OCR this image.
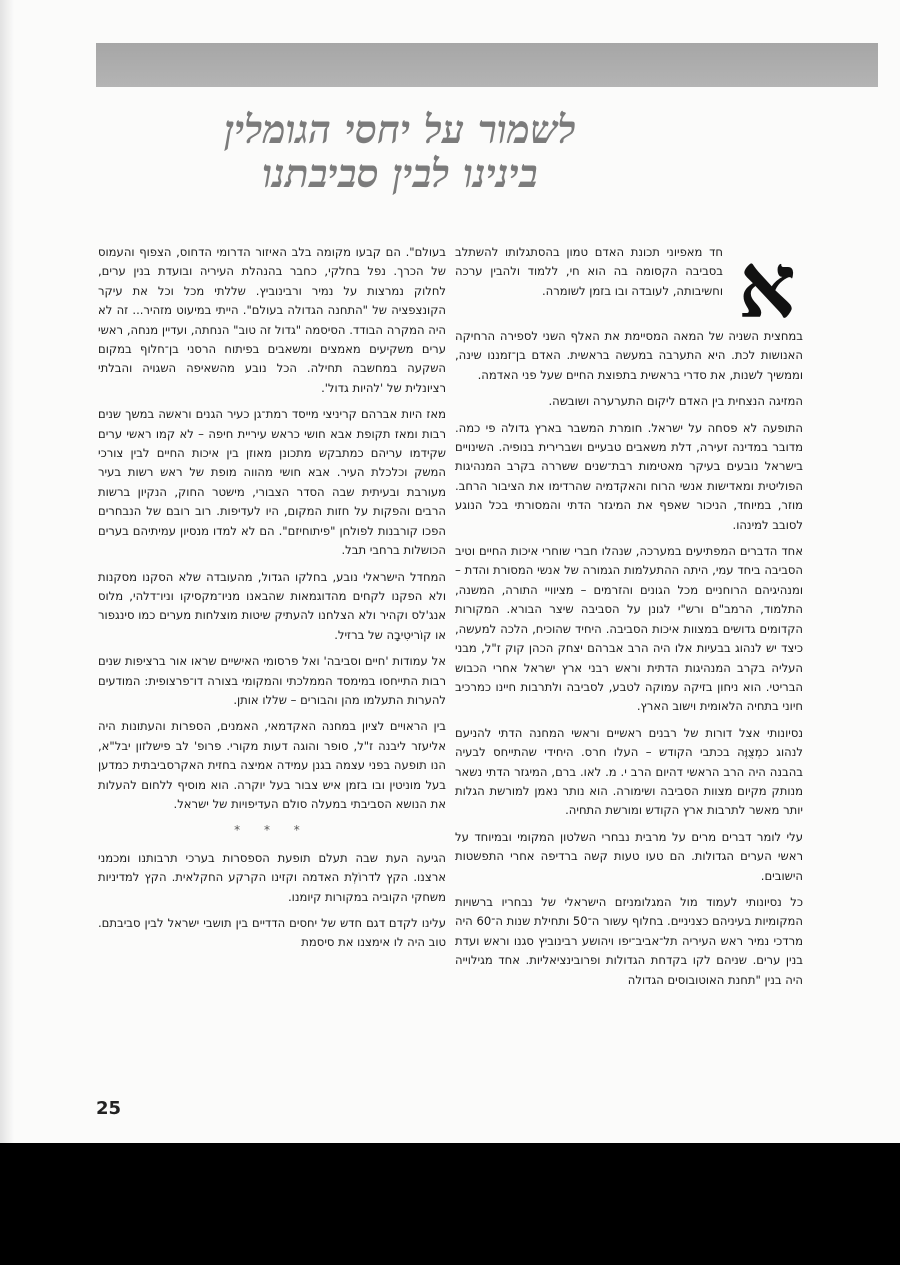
לשמור על יחסי הגומלין
בינינו לבין סביבתנו
א

חד מאפיוני תכונת האדם טמון בהסתגלותו להשתלב בסביבה הקסומה בה הוא חי, ללמוד ולהבין ערכה וחשיבותה, לעובדה ובו בזמן לשומרה.

במחצית השניה של המאה המסיימת את האלף השני לספירה הרחיקה האנושות לכת. היא התערבה במעשה בראשית. האדם בן־זמננו שינה, וממשיך לשנות, את סדרי בראשית בתפוצת החיים שעל פני האדמה.

המזיגה הנצחית בין האדם ליקום התערערה ושובשה.

התופעה לא פסחה על ישראל. חומרת המשבר בארץ גדולה פי כמה. מדובר במדינה זעירה, דלת משאבים טבעיים ושברירית בנופיה. השינויים בישראל נובעים בעיקר מאטימות רבת־שנים ששררה בקרב המנהיגות הפוליטית ומאדישות אנשי הרוח והאקדמיה שהרדימו את הציבור הרחב. מוזר, במיוחד, הניכור שאפף את המיגזר הדתי והמסורתי בכל הנוגע לסובב למינהו.

אחד הדברים המפתיעים במערכה, שנהלו חברי שוחרי איכות החיים וטיב הסביבה ביחד עמי, היתה ההתעלמות הגמורה של אנשי המסורת והדת – ומנהיגיהם הרוחניים מכל הגונים והזרמים – מציוויי התורה, המשנה, התלמוד, הרמב"ם ורש"י לגונן על הסביבה שיצר הבורא. המקורות הקדומים גדושים במצוות איכות הסביבה. היחיד שהוכיח, הלכה למעשה, כיצד יש לנהוג בבעיות אלו היה הרב אברהם יצחק הכהן קוק ז"ל, מבני העליה בקרב המנהיגות הדתית וראש רבני ארץ ישראל אחרי הכבוש הבריטי. הוא ניחון בזיקה עמוקה לטבע, לסביבה ולתרבות חיינו כמרכיב חיוני בתחיה הלאומית וישוב הארץ.

נסיונותי אצל דורות של רבנים ראשיים וראשי המחנה הדתי להניעם לנהוג כמְצֻוֶּה בכתבי הקודש – העלו חרס. היחידי שהתייחס לבעיה בהבנה היה הרב הראשי דהיום הרב י. מ. לאו. ברם, המיגזר הדתי נשאר מנותק מקיום מצוות הסביבה ושימורה. הוא נותר נאמן למורשת הגלות יותר מאשר לתרבות ארץ הקודש ומורשת התחיה.

עלי לומר דברים מרים על מרבית נבחרי השלטון המקומי ובמיוחד על ראשי הערים הגדולות. הם טעו טעות קשה ברדיפה אחרי התפשטות הישובים.

כל נסיונותי לעמוד מול המגלומניזם הישראלי של נבחריו ברשויות המקומיות בעיניהם כצניניים. בחלוף עשור ה־50 ותחילת שנות ה־60 היה מרדכי נמיר ראש העיריה תל־אביב־יפו ויהושע רבינוביץ סגנו וראש ועדת בנין ערים. שניהם לקו בקדחת הגדולות ופרובינציאליות. אחד מגילוייה היה בנין "תחנת האוטובוסים הגדולה

בעולם". הם קבעו מקומה בלב האיזור הדרומי הדחוס, הצפוף והעמוס של הכרך. נפל בחלקי, כחבר בהנהלת העיריה ובועדת בנין ערים, לחלוק נמרצות על נמיר ורבינוביץ. שללתי מכל וכל את עיקר הקונצפציה של "התחנה הגדולה בעולם". הייתי במיעוט מזהיר... זה לא היה המקרה הבודד. הסיסמה "גדול זה טוב" הנחתה, ועדיין מנחה, ראשי ערים משקיעים מאמצים ומשאבים בפיתוח הרסני בן־חלוף במקום השקעה במחשבה תחילה. הכל נובע מהשאיפה השגויה והבלתי רציונלית של 'להיות גדול'.

מאז היות אברהם קריניצי מייסד רמת־גן כעיר הגנים וראשה במשך שנים רבות ומאז תקופת אבא חושי כראש עיריית חיפה – לא קמו ראשי ערים שקידמו עריהם כמתבקש מתכונן מאוזן בין איכות החיים לבין צורכי המשק וכלכלת העיר. אבא חושי מהווה מופת של ראש רשות בעיר מעורבת ובעיתית שבה הסדר הצבורי, מישטר החוק, הנקיון ברשות הרבים והפקות על חזות המקום, היו לעדיפות. רוב רובם של הנבחרים הפכו קורבנות לפולחן "פיתוחיזם". הם לא למדו מנסיון עמיתיהם בערים הכושלות ברחבי תבל.

המחדל הישראלי נובע, בחלקו הגדול, מהעובדה שלא הסקנו מסקנות ולא הפקנו לקחים מהדוגמאות שהבאנו מניו־מקסיקו וניו־דלהי, מלוס אנג'לס וקהיר ולא הצלחנו להעתיק שיטות מוצלחות מערים כמו סינגפור או קוֹריטִיבָה של ברזיל.

אל עמודות 'חיים וסביבה' ואל פרסומי האישיים שראו אור ברציפות שנים רבות התייחסו במימסד הממלכתי והמקומי בצורה דו־פרצופית: המודעים להערות התעלמו מהן והבורים – שללו אותן.

בין הראויים לציון במחנה האקדמאי, האמנים, הספרות והעתונות היה אליעזר ליבנה ז"ל, סופר והוגה דעות מקורי. פרופ' לב פישלזון יבל"א, הנו תופעה בפני עצמה בגנן עמידה אמיצה בחזית האקרסביבתית כמדען בעל מוניטין ובו בזמן איש צבור בעל יוקרה. הוא מוסיף ללחום להעלות את הנושא הסביבתי במעלה סולם העדיפויות של ישראל.

* * *

הגיעה העת שבה תעלם תופעת הספסרות בערכי תרבותנו ומכמני ארצנו. הקץ לדרוֹלְת האדמה וקזינו הקרקע החקלאית. הקץ למדיניות משחקי הקוביה במקורות קיומנו.

עלינו לקדם דגם חדש של יחסים הדדיים בין תושבי ישראל לבין סביבתם. טוב היה לו אימצנו את סיסמת

25
